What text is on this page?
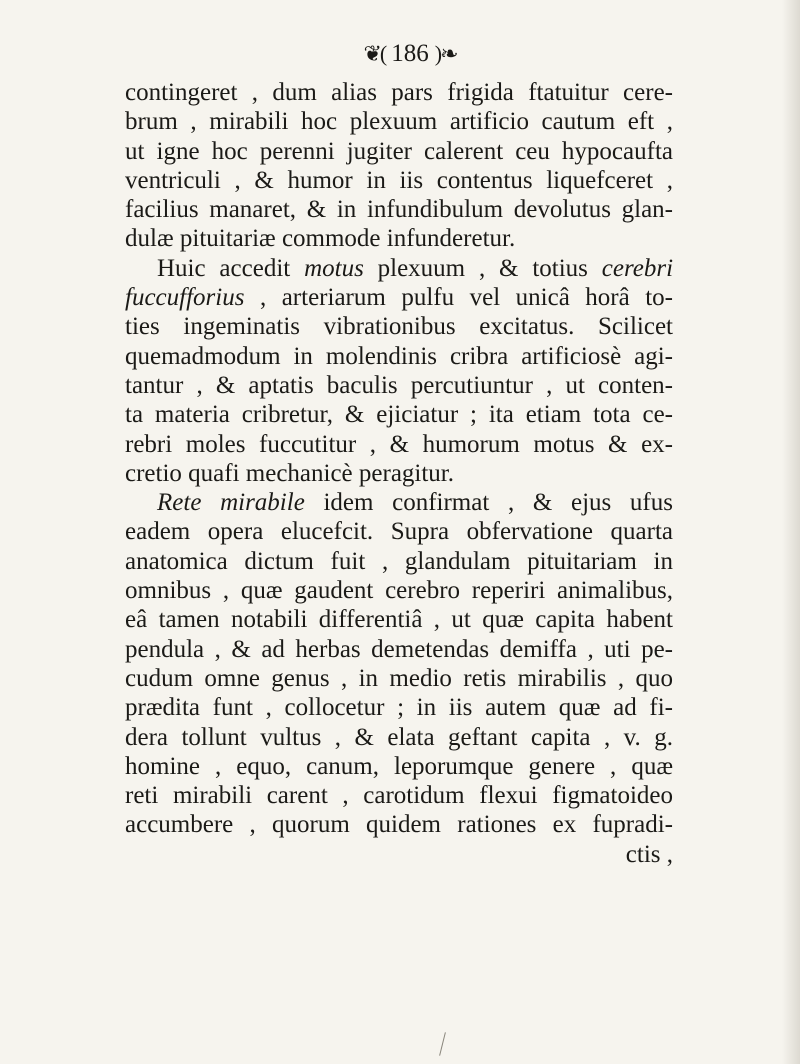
❦( 186 )❧
contingeret , dum alias pars frigida ftatuitur cere-
brum , mirabili hoc plexuum artificio cautum eft ,
ut igne hoc perenni jugiter calerent ceu hypocaufta
ventriculi , & humor in iis contentus liquefceret ,
facilius manaret, & in infundibulum devolutus glan-
dulæ pituitariæ commode infunderetur.
Huic accedit motus plexuum , & totius cerebri
fuccufforius , arteriarum pulfu vel unicâ horâ to-
ties ingeminatis vibrationibus excitatus. Scilicet
quemadmodum in molendinis cribra artificiosè agi-
tantur , & aptatis baculis percutiuntur , ut conten-
ta materia cribretur, & ejiciatur ; ita etiam tota ce-
rebri moles fuccutitur , & humorum motus & ex-
cretio quafi mechanicè peragitur.
Rete mirabile idem confirmat , & ejus ufus
eadem opera elucefcit. Supra obfervatione quarta
anatomica dictum fuit , glandulam pituitariam in
omnibus , quæ gaudent cerebro reperiri animalibus,
eâ tamen notabili differentiâ , ut quæ capita habent
pendula , & ad herbas demetendas demiffa , uti pe-
cudum omne genus , in medio retis mirabilis , quo
prædita funt , collocetur ; in iis autem quæ ad fi-
dera tollunt vultus , & elata geftant capita , v. g.
homine , equo, canum, leporumque genere , quæ
reti mirabili carent , carotidum flexui figmatoideo
accumbere , quorum quidem rationes ex fupradi-
ctis ,
